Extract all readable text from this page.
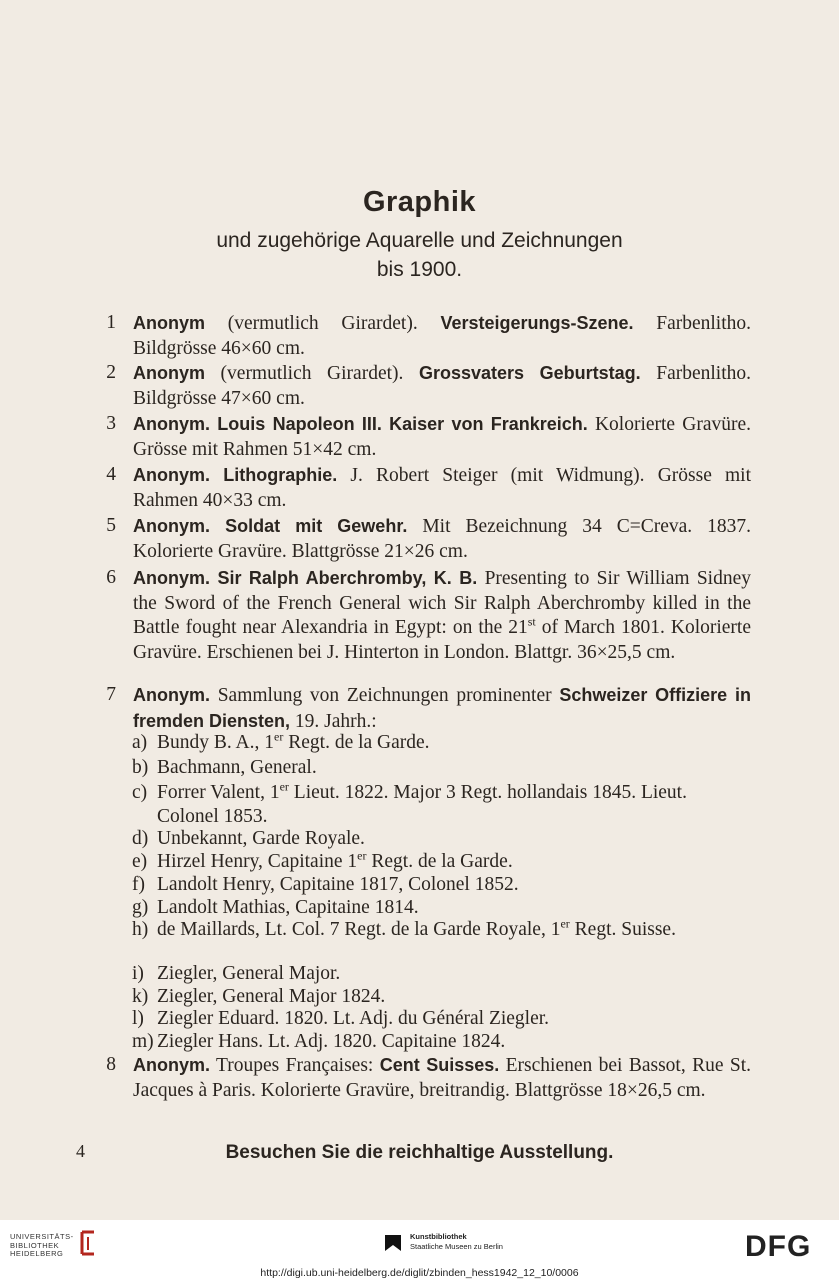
Graphik
und zugehörige Aquarelle und Zeichnungen
bis 1900.
1 Anonym (vermutlich Girardet). Versteigerungs-Szene. Farbenlitho. Bildgrösse 46×60 cm.
2 Anonym (vermutlich Girardet). Grossvaters Geburtstag. Farbenlitho. Bildgrösse 47×60 cm.
3 Anonym. Louis Napoleon III. Kaiser von Frankreich. Kolorierte Gravüre. Grösse mit Rahmen 51×42 cm.
4 Anonym. Lithographie. J. Robert Steiger (mit Widmung). Grösse mit Rahmen 40×33 cm.
5 Anonym. Soldat mit Gewehr. Mit Bezeichnung 34 C=Creva. 1837. Kolorierte Gravüre. Blattgrösse 21×26 cm.
6 Anonym. Sir Ralph Aberchromby, K. B. Presenting to Sir William Sidney the Sword of the French General wich Sir Ralph Aberchromby killed in the Battle fought near Alexandria in Egypt: on the 21st of March 1801. Kolorierte Gravüre. Erschienen bei J. Hinterton in London. Blattgr. 36×25,5 cm.
7 Anonym. Sammlung von Zeichnungen prominenter Schweizer Offiziere in fremden Diensten, 19. Jahrh.:
a) Bundy B. A., 1er Regt. de la Garde.
b) Bachmann, General.
c) Forrer Valent, 1er Lieut. 1822. Major 3 Regt. hollandais 1845. Lieut. Colonel 1853.
d) Unbekannt, Garde Royale.
e) Hirzel Henry, Capitaine 1er Regt. de la Garde.
f) Landolt Henry, Capitaine 1817, Colonel 1852.
g) Landolt Mathias, Capitaine 1814.
h) de Maillards, Lt. Col. 7 Regt. de la Garde Royale, 1er Regt. Suisse.
i) Ziegler, General Major.
k) Ziegler, General Major 1824.
l) Ziegler Eduard. 1820. Lt. Adj. du Général Ziegler.
m) Ziegler Hans. Lt. Adj. 1820. Capitaine 1824.
8 Anonym. Troupes Françaises: Cent Suisses. Erschienen bei Bassot, Rue St. Jacques à Paris. Kolorierte Gravüre, breitrandig. Blattgrösse 18×26,5 cm.
4	Besuchen Sie die reichhaltige Ausstellung.
UNIVERSITÄTS-
BIBLIOTHEK
HEIDELBERG
Kunstbibliothek
Staatliche Museen zu Berlin	DFG
http://digi.ub.uni-heidelberg.de/diglit/zbinden_hess1942_12_10/0006
